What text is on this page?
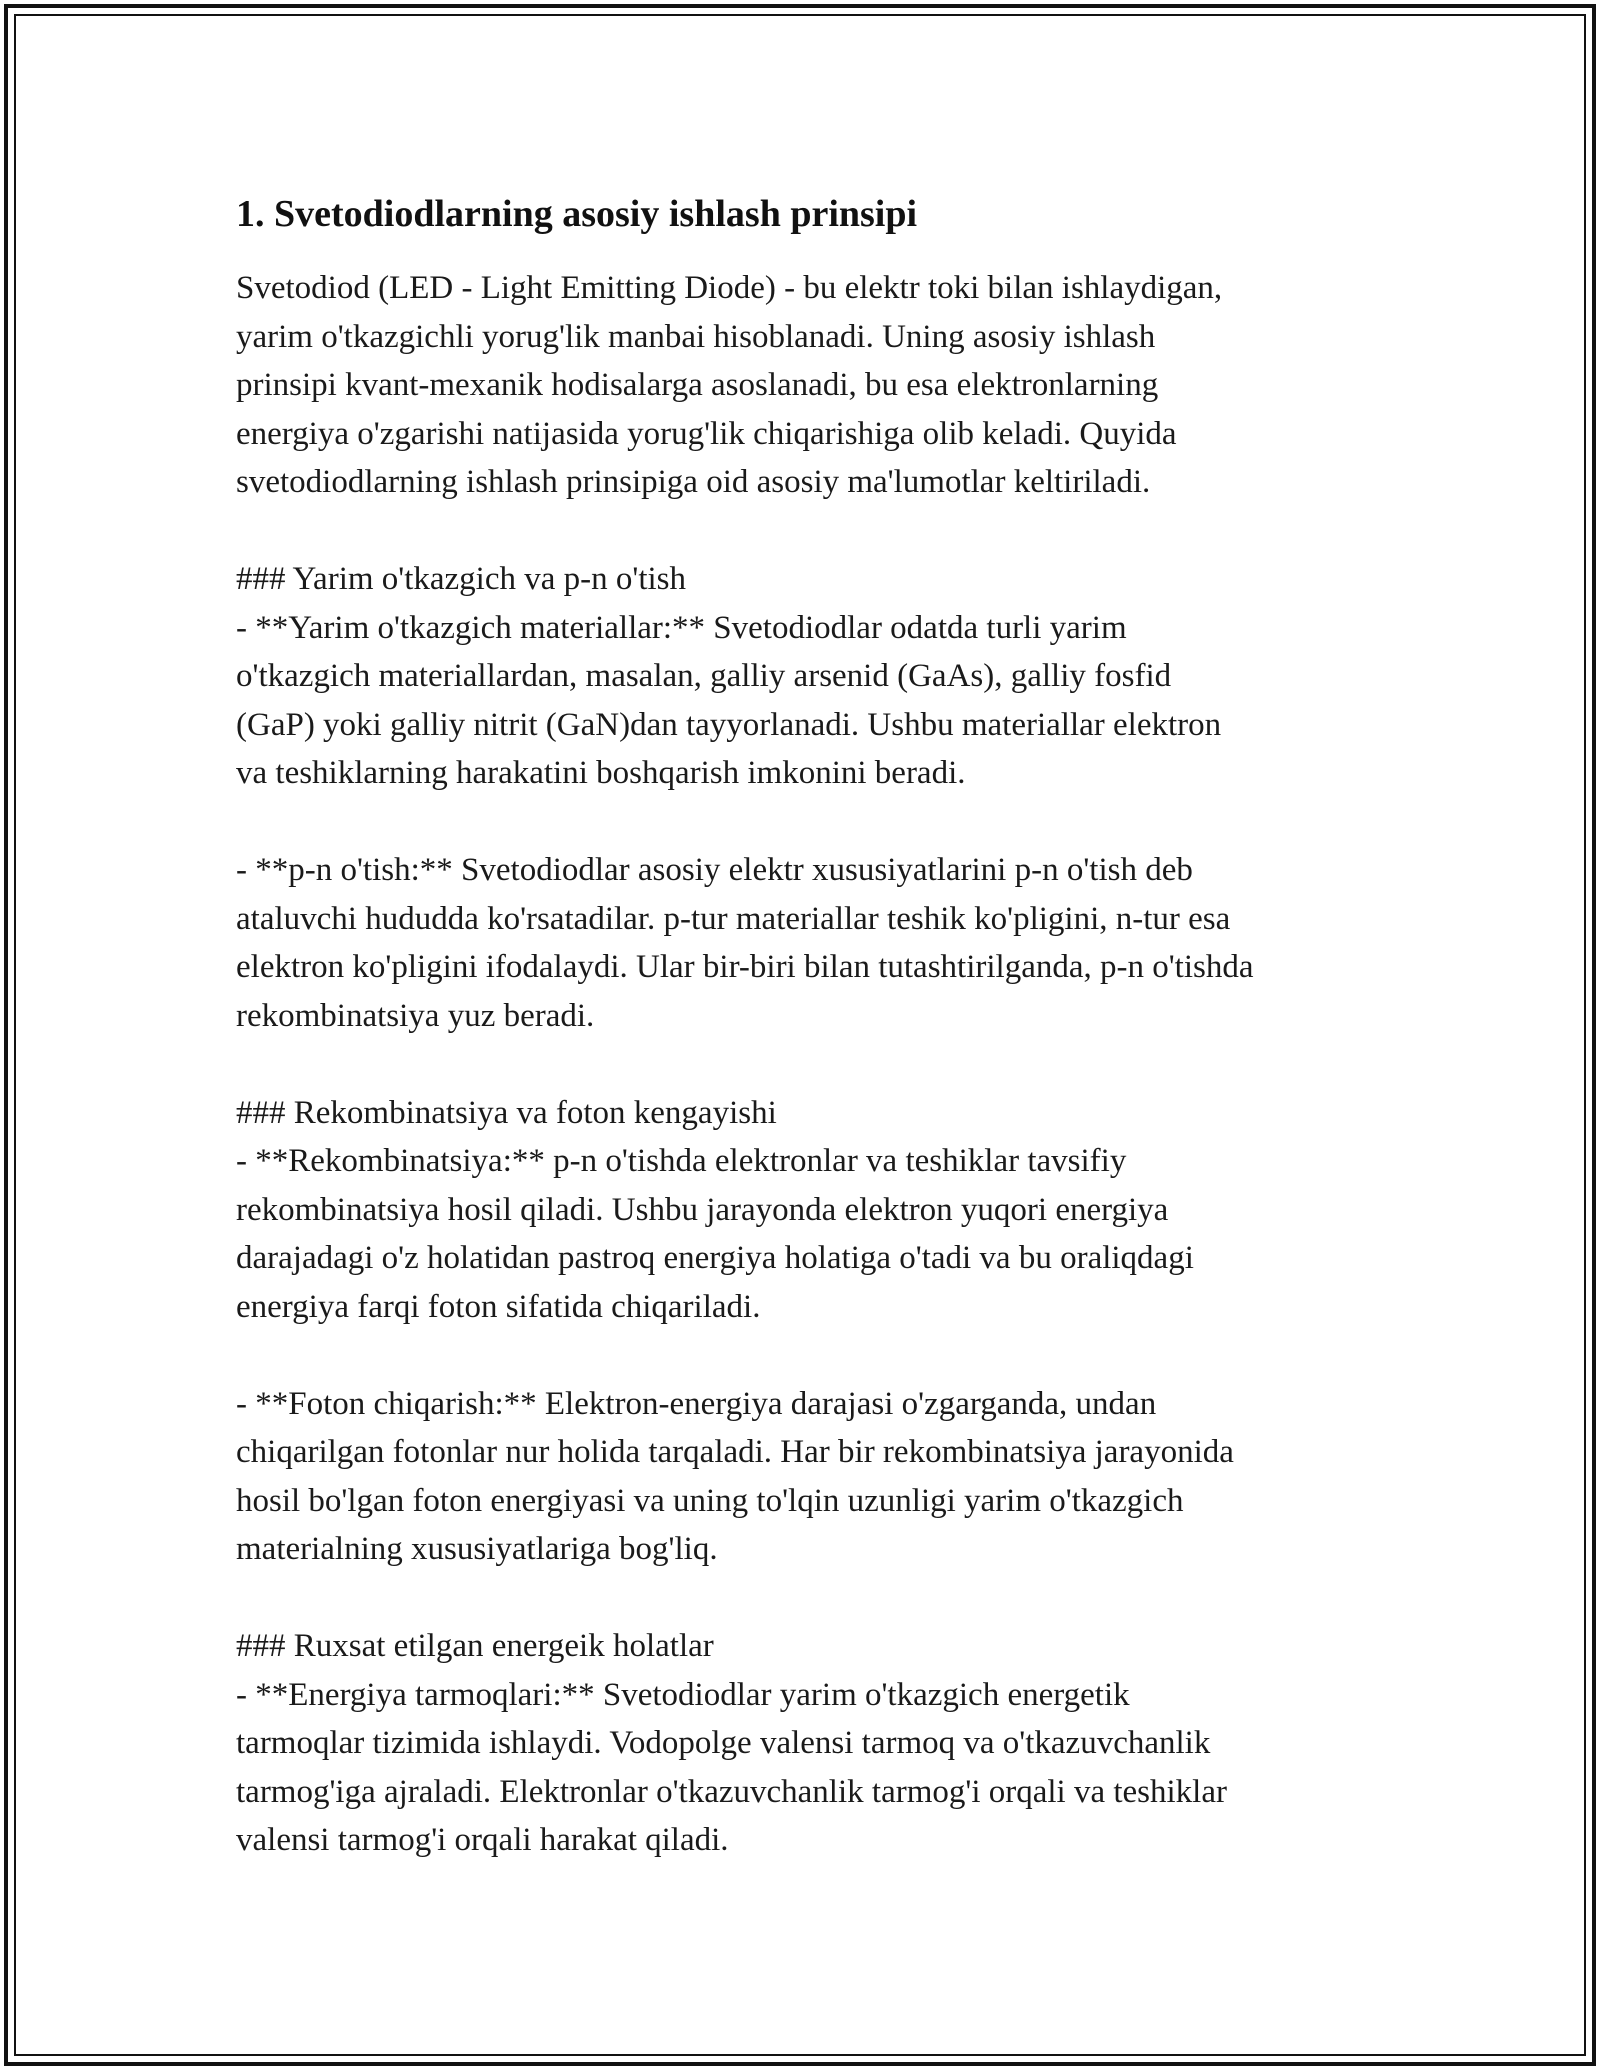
1. Svetodiodlarning asosiy ishlash prinsipi

Svetodiod (LED - Light Emitting Diode) - bu elektr toki bilan ishlaydigan,
yarim o'tkazgichli yorug'lik manbai hisoblanadi. Uning asosiy ishlash
prinsipi kvant-mexanik hodisalarga asoslanadi, bu esa elektronlarning
energiya o'zgarishi natijasida yorug'lik chiqarishiga olib keladi. Quyida
svetodiodlarning ishlash prinsipiga oid asosiy ma'lumotlar keltiriladi.

### Yarim o'tkazgich va p-n o'tish
- **Yarim o'tkazgich materiallar:** Svetodiodlar odatda turli yarim
o'tkazgich materiallardan, masalan, galliy arsenid (GaAs), galliy fosfid
(GaP) yoki galliy nitrit (GaN)dan tayyorlanadi. Ushbu materiallar elektron
va teshiklarning harakatini boshqarish imkonini beradi.

- **p-n o'tish:** Svetodiodlar asosiy elektr xususiyatlarini p-n o'tish deb
ataluvchi hududda ko'rsatadilar. p-tur materiallar teshik ko'pligini, n-tur esa
elektron ko'pligini ifodalaydi. Ular bir-biri bilan tutashtirilganda, p-n o'tishda
rekombinatsiya yuz beradi.

### Rekombinatsiya va foton kengayishi
- **Rekombinatsiya:** p-n o'tishda elektronlar va teshiklar tavsifiy
rekombinatsiya hosil qiladi. Ushbu jarayonda elektron yuqori energiya
darajadagi o'z holatidan pastroq energiya holatiga o'tadi va bu oraliqdagi
energiya farqi foton sifatida chiqariladi.

- **Foton chiqarish:** Elektron-energiya darajasi o'zgarganda, undan
chiqarilgan fotonlar nur holida tarqaladi. Har bir rekombinatsiya jarayonida
hosil bo'lgan foton energiyasi va uning to'lqin uzunligi yarim o'tkazgich
materialning xususiyatlariga bog'liq.

### Ruxsat etilgan energeik holatlar
- **Energiya tarmoqlari:** Svetodiodlar yarim o'tkazgich energetik
tarmoqlar tizimida ishlaydi. Vodopolge valensi tarmoq va o'tkazuvchanlik
tarmog'iga ajraladi. Elektronlar o'tkazuvchanlik tarmog'i orqali va teshiklar
valensi tarmog'i orqali harakat qiladi.
